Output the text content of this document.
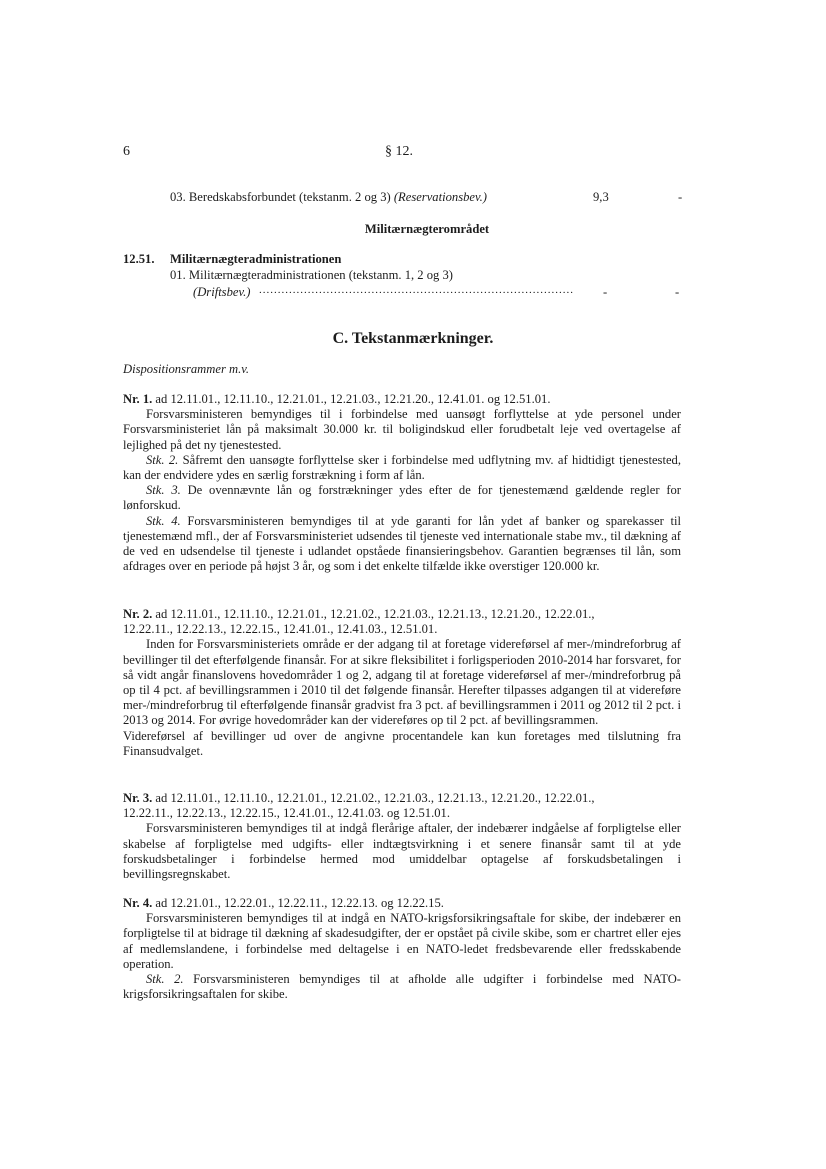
6	§ 12.
03. Beredskabsforbundet (tekstanm. 2 og 3) (Reservationsbev.)	9,3	-
Militærnægterområdet
12.51. Militærnægteradministrationen
01. Militærnægteradministrationen (tekstanm. 1, 2 og 3)
(Driftsbev.) .................................................................................... -	-
C. Tekstanmærkninger.
Dispositionsrammer m.v.

Nr. 1. ad 12.11.01., 12.11.10., 12.21.01., 12.21.03., 12.21.20., 12.41.01. og 12.51.01.

Forsvarsministeren bemyndiges til i forbindelse med uansøgt forflyttelse at yde personel under Forsvarsministeriet lån på maksimalt 30.000 kr. til boligindskud eller forudbetalt leje ved overtagelse af lejlighed på det ny tjenestested.

Stk. 2. Såfremt den uansøgte forflyttelse sker i forbindelse med udflytning mv. af hidtidigt tjenestested, kan der endvidere ydes en særlig forstrækning i form af lån.

Stk. 3. De ovennævnte lån og forstrækninger ydes efter de for tjenestemænd gældende regler for lønforskud.

Stk. 4. Forsvarsministeren bemyndiges til at yde garanti for lån ydet af banker og sparekasser til tjenestemænd mfl., der af Forsvarsministeriet udsendes til tjeneste ved internationale stabe mv., til dækning af de ved en udsendelse til tjeneste i udlandet opståede finansieringsbehov. Garantien begrænses til lån, som afdrages over en periode på højst 3 år, og som i det enkelte tilfælde ikke overstiger 120.000 kr.

Nr. 2. ad 12.11.01., 12.11.10., 12.21.01., 12.21.02., 12.21.03., 12.21.13., 12.21.20., 12.22.01.,

12.22.11., 12.22.13., 12.22.15., 12.41.01., 12.41.03., 12.51.01.

Inden for Forsvarsministeriets område er der adgang til at foretage videreførsel af mer-/mindreforbrug af bevillinger til det efterfølgende finansår. For at sikre fleksibilitet i forligsperioden 2010-2014 har forsvaret, for så vidt angår finanslovens hovedområder 1 og 2, adgang til at foretage videreførsel af mer-/mindreforbrug på op til 4 pct. af bevillingsrammen i 2010 til det følgende finansår. Herefter tilpasses adgangen til at videreføre mer-/mindreforbrug til efterfølgende finansår gradvist fra 3 pct. af bevillingsrammen i 2011 og 2012 til 2 pct. i 2013 og 2014. For øvrige hovedområder kan der videreføres op til 2 pct. af bevillingsrammen.

Videreførsel af bevillinger ud over de angivne procentandele kan kun foretages med tilslutning fra Finansudvalget.

Nr. 3. ad 12.11.01., 12.11.10., 12.21.01., 12.21.02., 12.21.03., 12.21.13., 12.21.20., 12.22.01.,

12.22.11., 12.22.13., 12.22.15., 12.41.01., 12.41.03. og 12.51.01.

Forsvarsministeren bemyndiges til at indgå flerårige aftaler, der indebærer indgåelse af forpligtelse eller skabelse af forpligtelse med udgifts- eller indtægtsvirkning i et senere finansår samt til at yde forskudsbetalinger i forbindelse hermed mod umiddelbar optagelse af forskudsbetalingen i bevillingsregnskabet.

Nr. 4. ad 12.21.01., 12.22.01., 12.22.11., 12.22.13. og 12.22.15.

Forsvarsministeren bemyndiges til at indgå en NATO-krigsforsikringsaftale for skibe, der indebærer en forpligtelse til at bidrage til dækning af skadesudgifter, der er opstået på civile skibe, som er chartret eller ejes af medlemslandene, i forbindelse med deltagelse i en NATO-ledet fredsbevarende eller fredsskabende operation.

Stk. 2. Forsvarsministeren bemyndiges til at afholde alle udgifter i forbindelse med NATO-krigsforsikringsaftalen for skibe.
